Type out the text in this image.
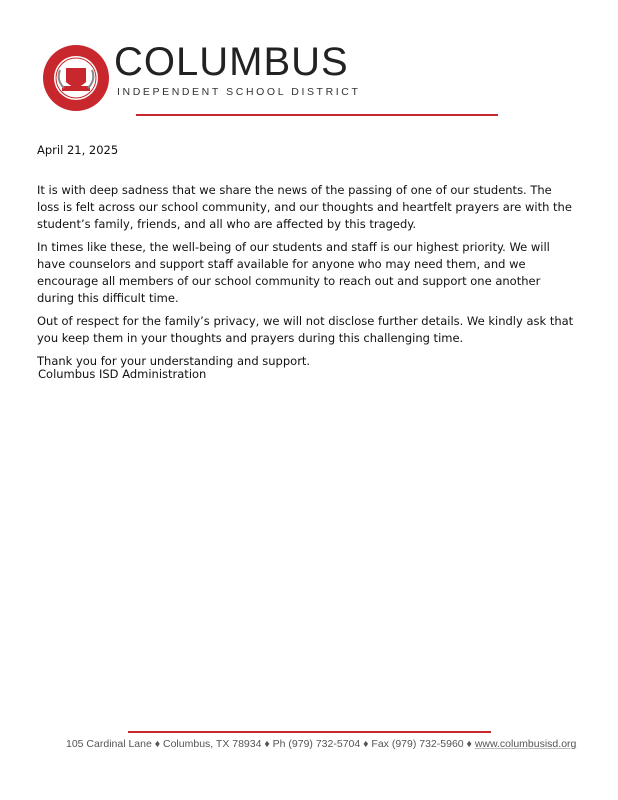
COLUMBUS
INDEPENDENT SCHOOL DISTRICT
April 21, 2025

It is with deep sadness that we share the news of the passing of one of our students. The loss is felt across our school community, and our thoughts and heartfelt prayers are with the student’s family, friends, and all who are affected by this tragedy.

In times like these, the well-being of our students and staff is our highest priority. We will have counselors and support staff available for anyone who may need them, and we encourage all members of our school community to reach out and support one another during this difficult time.

Out of respect for the family’s privacy, we will not disclose further details. We kindly ask that you keep them in your thoughts and prayers during this challenging time.

Thank you for your understanding and support.

Columbus ISD Administration
105 Cardinal Lane ♦ Columbus, TX 78934 ♦ Ph (979) 732-5704 ♦ Fax (979) 732-5960 ♦ www.columbusisd.org
